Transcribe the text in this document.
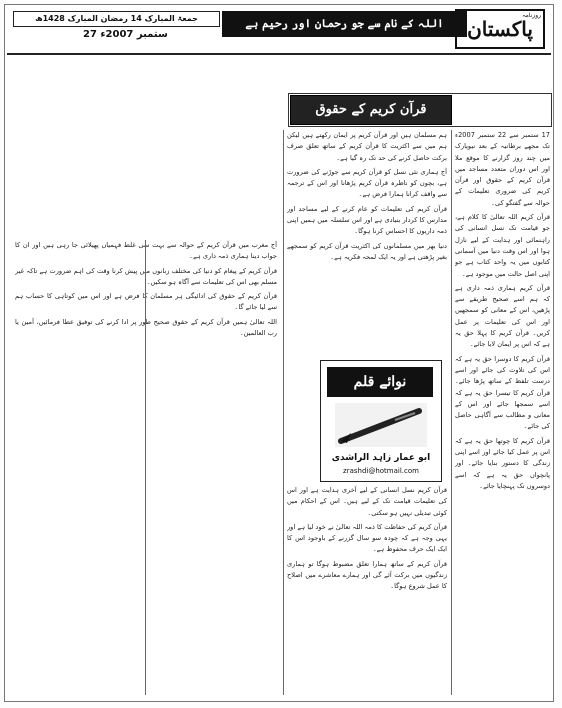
جمعۃ المبارک 14 رمضان المبارک 1428ھ
27 ستمبر 2007ء
اللہ کے نام سے جو رحمان اور رحیم ہے
روزنامہ
پاکستان
قرآن کریم کے حقوق

17 ستمبر سے 22 ستمبر 2007ء تک مجھے برطانیہ کے بعد نیویارک میں چند روز گزارنے کا موقع ملا اور اس دوران متعدد مساجد میں قرآن کریم کے حقوق اور قرآن کریم کی ضروری تعلیمات کے حوالہ سے گفتگو کی۔

قرآن کریم اللہ تعالیٰ کا کلام ہے، جو قیامت تک نسل انسانی کی راہنمائی اور ہدایت کے لیے نازل ہوا اور اس وقت دنیا میں آسمانی کتابوں میں یہ واحد کتاب ہے جو اپنی اصل حالت میں موجود ہے۔

قرآن کریم ہماری ذمہ داری ہے کہ ہم اسے صحیح طریقے سے پڑھیں، اس کے معانی کو سمجھیں اور اس کی تعلیمات پر عمل کریں۔ قرآن کریم کا پہلا حق یہ ہے کہ اس پر ایمان لایا جائے۔

قرآن کریم کا دوسرا حق یہ ہے کہ اس کی تلاوت کی جائے اور اسے درست تلفظ کے ساتھ پڑھا جائے۔ قرآن کریم کا تیسرا حق یہ ہے کہ اسے سمجھا جائے اور اس کے معانی و مطالب سے آگاہی حاصل کی جائے۔

قرآن کریم کا چوتھا حق یہ ہے کہ اس پر عمل کیا جائے اور اسے اپنی زندگی کا دستور بنایا جائے۔ اور پانچواں حق یہ ہے کہ اسے دوسروں تک پہنچایا جائے۔

ہم مسلمان ہیں اور قرآن کریم پر ایمان رکھتے ہیں لیکن ہم میں سے اکثریت کا قرآن کریم کے ساتھ تعلق صرف برکت حاصل کرنے کی حد تک رہ گیا ہے۔

آج ہماری نئی نسل کو قرآن کریم سے جوڑنے کی ضرورت ہے، بچوں کو ناظرہ قرآن کریم پڑھانا اور اس کے ترجمہ سے واقف کرانا ہمارا فرض ہے۔

قرآن کریم کی تعلیمات کو عام کرنے کے لیے مساجد اور مدارس کا کردار بنیادی ہے اور اس سلسلہ میں ہمیں اپنی ذمہ داریوں کا احساس کرنا ہوگا۔

دنیا بھر میں مسلمانوں کی اکثریت قرآن کریم کو سمجھے بغیر پڑھتی ہے اور یہ ایک لمحہ فکریہ ہے۔

نوائے قلم
ابو عمار زاہد الراشدی
zrashdi@hotmail.com

قرآن کریم نسل انسانی کے لیے آخری ہدایت ہے اور اس کی تعلیمات قیامت تک کے لیے ہیں۔ اس کے احکام میں کوئی تبدیلی نہیں ہو سکتی۔

قرآن کریم کی حفاظت کا ذمہ اللہ تعالیٰ نے خود لیا ہے اور یہی وجہ ہے کہ چودہ سو سال گزرنے کے باوجود اس کا ایک ایک حرف محفوظ ہے۔

قرآن کریم کے ساتھ ہمارا تعلق مضبوط ہوگا تو ہماری زندگیوں میں برکت آئے گی اور ہمارے معاشرے میں اصلاح کا عمل شروع ہوگا۔

آج مغرب میں قرآن کریم کے حوالہ سے بہت سی غلط فہمیاں پھیلائی جا رہی ہیں اور ان کا جواب دینا ہماری ذمہ داری ہے۔

قرآن کریم کے پیغام کو دنیا کی مختلف زبانوں میں پیش کرنا وقت کی اہم ضرورت ہے تاکہ غیر مسلم بھی اس کی تعلیمات سے آگاہ ہو سکیں۔

قرآن کریم کے حقوق کی ادائیگی ہر مسلمان کا فرض ہے اور اس میں کوتاہی کا حساب ہم سے لیا جائے گا۔

اللہ تعالیٰ ہمیں قرآن کریم کے حقوق صحیح طور پر ادا کرنے کی توفیق عطا فرمائیں، آمین یا رب العالمین۔
